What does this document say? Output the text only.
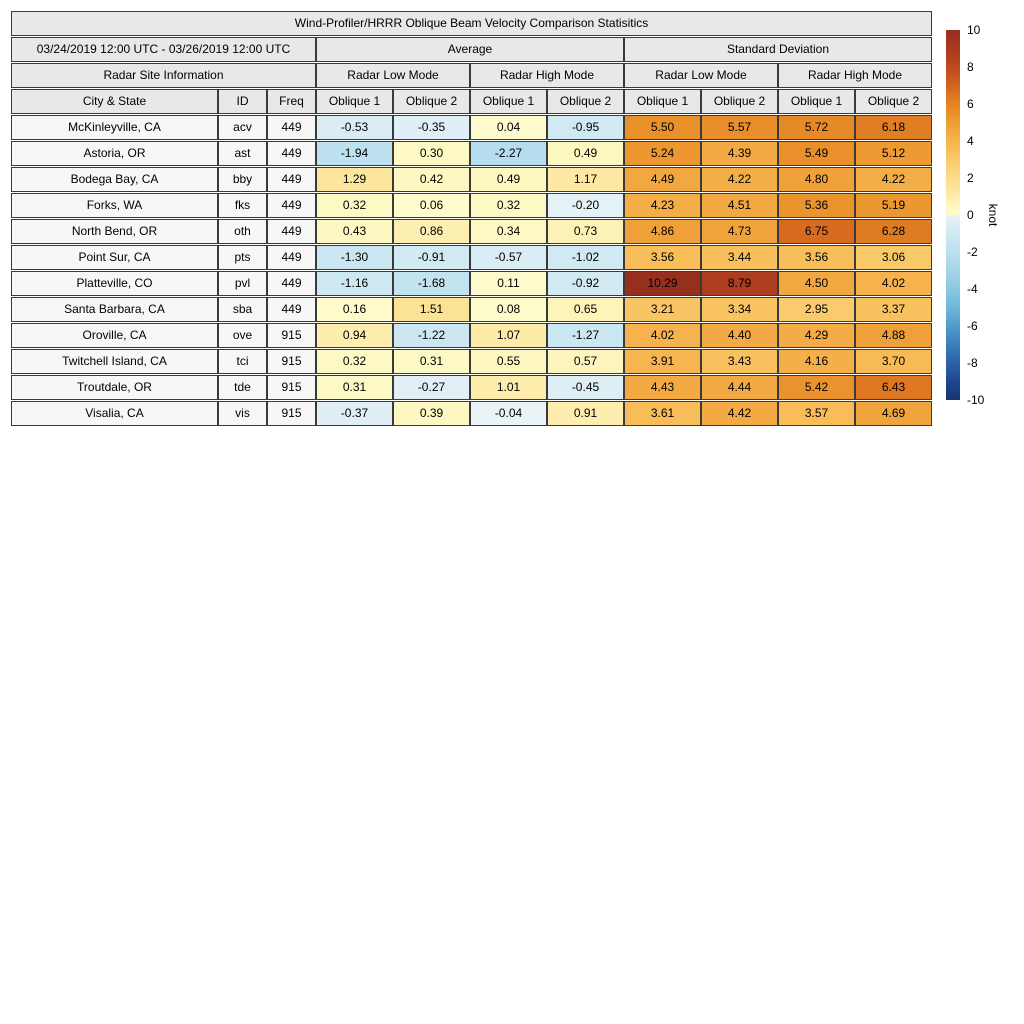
Wind-Profiler/HRRR Oblique Beam Velocity Comparison Statisitics										
03/24/2019 12:00 UTC - 03/26/2019 12:00 UTC			Average				Standard Deviation			
Radar Site Information			Radar Low Mode		Radar High Mode		Radar Low Mode		Radar High Mode	
City & State	ID	Freq	Oblique 1	Oblique 2	Oblique 1	Oblique 2	Oblique 1	Oblique 2	Oblique 1	Oblique 2
McKinleyville, CA	acv	449	-0.53	-0.35	0.04	-0.95	5.50	5.57	5.72	6.18
Astoria, OR	ast	449	-1.94	0.30	-2.27	0.49	5.24	4.39	5.49	5.12
Bodega Bay, CA	bby	449	1.29	0.42	0.49	1.17	4.49	4.22	4.80	4.22
Forks, WA	fks	449	0.32	0.06	0.32	-0.20	4.23	4.51	5.36	5.19
North Bend, OR	oth	449	0.43	0.86	0.34	0.73	4.86	4.73	6.75	6.28
Point Sur, CA	pts	449	-1.30	-0.91	-0.57	-1.02	3.56	3.44	3.56	3.06
Platteville, CO	pvl	449	-1.16	-1.68	0.11	-0.92	10.29	8.79	4.50	4.02
Santa Barbara, CA	sba	449	0.16	1.51	0.08	0.65	3.21	3.34	2.95	3.37
Oroville, CA	ove	915	0.94	-1.22	1.07	-1.27	4.02	4.40	4.29	4.88
Twitchell Island, CA	tci	915	0.32	0.31	0.55	0.57	3.91	3.43	4.16	3.70
Troutdale, OR	tde	915	0.31	-0.27	1.01	-0.45	4.43	4.44	5.42	6.43
Visalia, CA	vis	915	-0.37	0.39	-0.04	0.91	3.61	4.42	3.57	4.69
knot
10
8
6
4
2
0
-2
-4
-6
-8
-10
